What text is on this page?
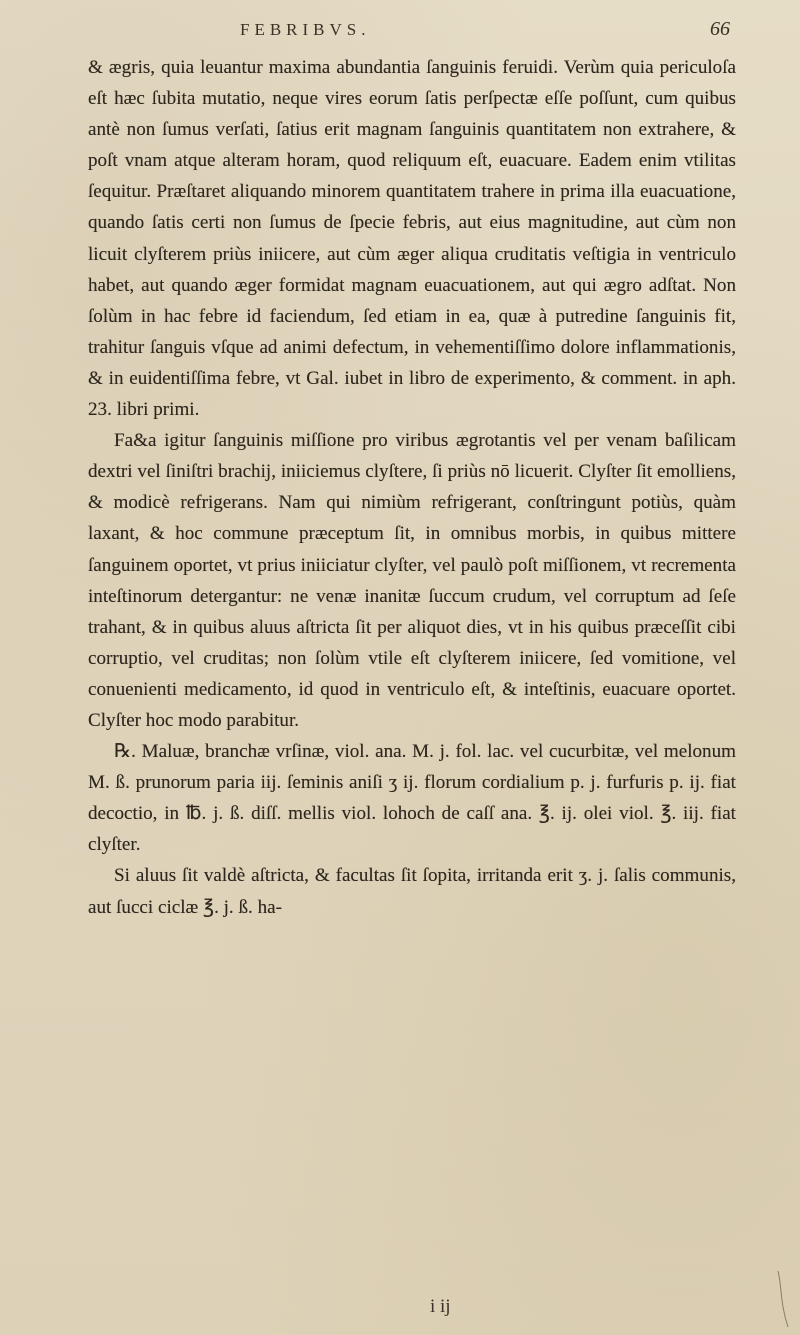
FEBRIBVS.	66

& ægris, quia leuantur maxima abundantia ſanguinis feruidi. Verùm quia periculoſa eſt hæc ſubita mutatio, neque vires eorum ſatis perſpectæ eſſe poſſunt, cum quibus antè non ſumus verſati, ſatius erit magnam ſanguinis quantitatem non extrahere, & poſt vnam atque alteram horam, quod reliquum eſt, euacuare. Eadem enim vtilitas ſequitur. Præſtaret aliquando minorem quantitatem trahere in prima illa euacuatione, quando ſatis certi non ſumus de ſpecie febris, aut eius magnitudine, aut cùm non licuit clyſterem priùs iniicere, aut cùm æger aliqua cruditatis veſtigia in ventriculo habet, aut quando æger formidat magnam euacuationem, aut qui ægro adſtat. Non ſolùm in hac febre id faciendum, ſed etiam in ea, quæ à putredine ſanguinis fit, trahitur ſanguis vſque ad animi defectum, in vehementiſſimo dolore inflammationis, & in euidentiſſima febre, vt Gal. iubet in libro de experimento, & comment. in aph. 23. libri primi.

Fa&a igitur ſanguinis miſſione pro viribus ægrotantis vel per venam baſilicam dextri vel ſiniſtri brachij, iniiciemus clyſtere, ſi priùs nō licuerit. Clyſter ſit emolliens, & modicè refrigerans. Nam qui nimiùm refrigerant, conſtringunt potiùs, quàm laxant, & hoc commune præceptum ſit, in omnibus morbis, in quibus mittere ſanguinem oportet, vt prius iniiciatur clyſter, vel paulò poſt miſſionem, vt recrementa inteſtinorum detergantur: ne venæ inanitæ ſuccum crudum, vel corruptum ad ſeſe trahant, & in quibus aluus aſtricta ſit per aliquot dies, vt in his quibus præceſſit cibi corruptio, vel cruditas; non ſolùm vtile eſt clyſterem iniicere, ſed vomitione, vel conuenienti medicamento, id quod in ventriculo eſt, & inteſtinis, euacuare oportet. Clyſter hoc modo parabitur.

℞. Maluæ, branchæ vrſinæ, viol. ana. M. j. fol. lac. vel cucurbitæ, vel melonum M. ß. prunorum paria iij. ſeminis aniſi ʒ ij. florum cordialium p. j. furfuris p. ij. fiat decoctio, in ℔. j. ß. diſſ. mellis viol. lohoch de caſſ ana. ℥. ij. olei viol. ℥. iij. fiat clyſter.

Si aluus ſit valdè aſtricta, & facultas ſit ſopita, irritanda erit ʒ. j. ſalis communis, aut ſucci ciclæ ℥. j. ß. ha-

i ij
